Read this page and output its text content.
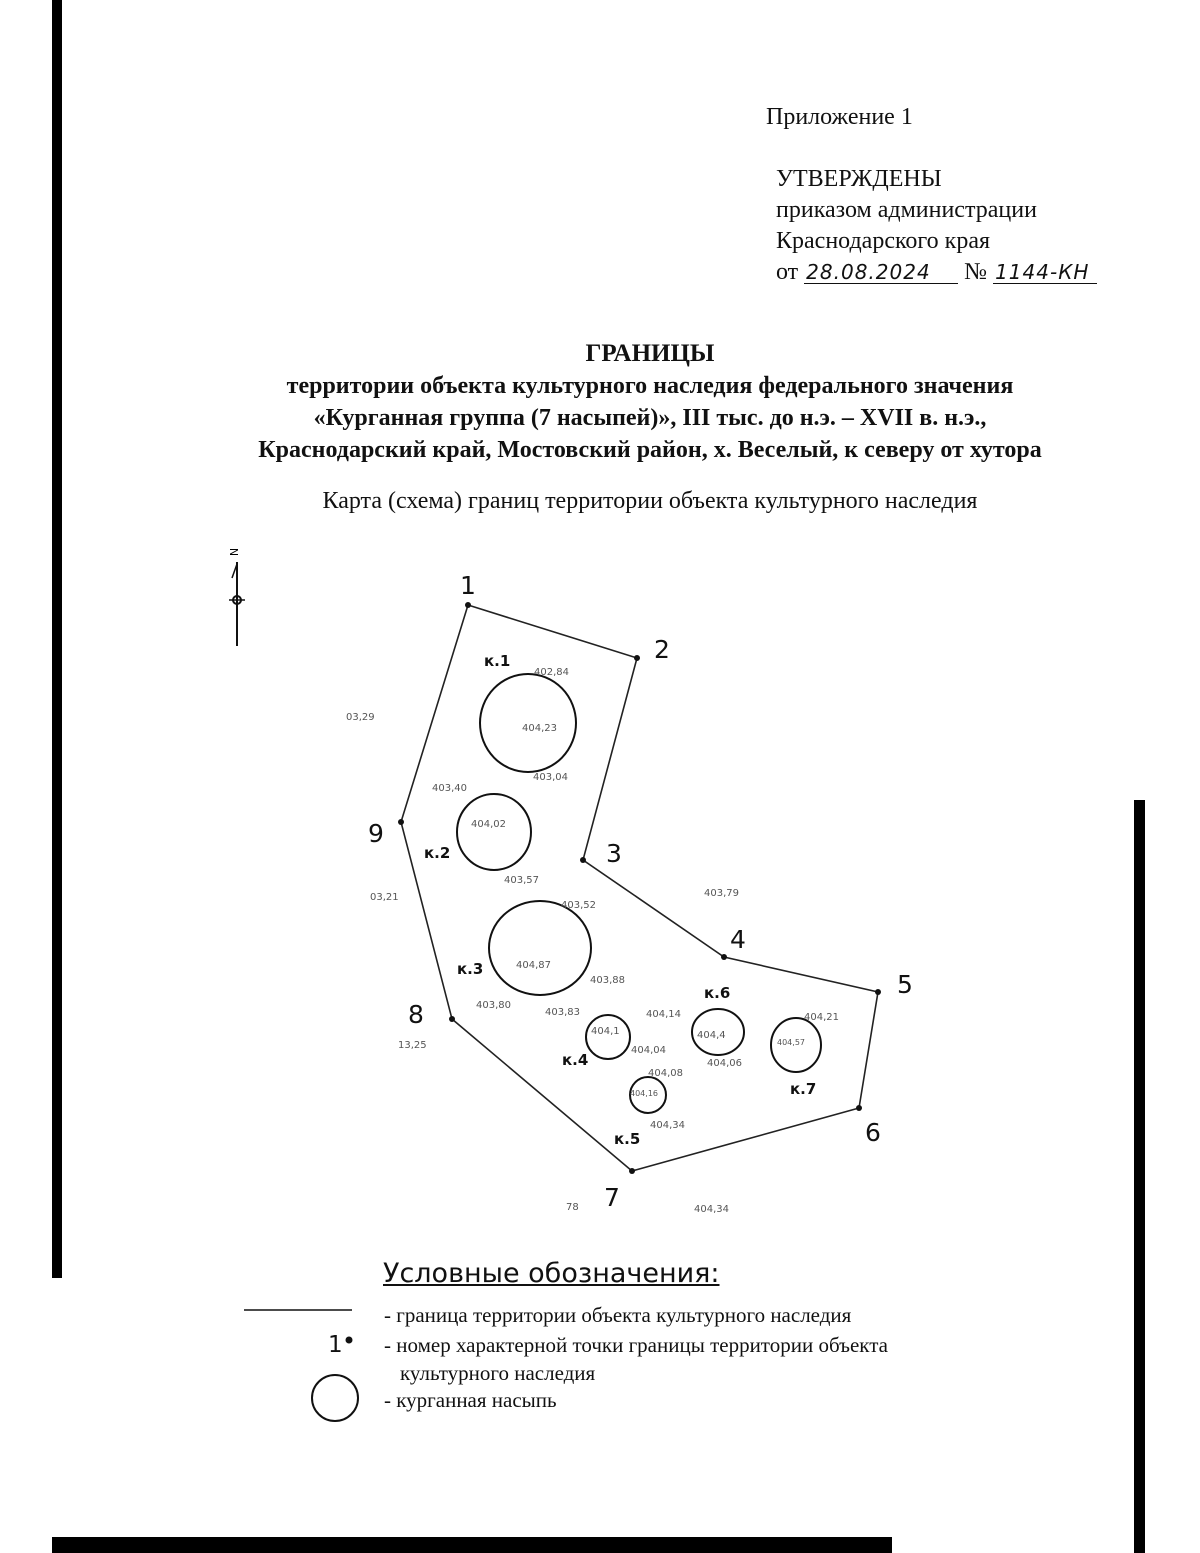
Приложение 1
УТВЕРЖДЕНЫ
приказом администрации
Краснодарского края
от 28.08.2024 № 1144-КН
ГРАНИЦЫ
территории объекта культурного наследия федерального значения
«Курганная группа (7 насыпей)», III тыс. до н.э. – XVII в. н.э.,
Краснодарский край, Мостовский район, х. Веселый, к северу от хутора
Карта (схема) границ территории объекта культурного наследия
N
1
2
3
4
5
6
7
8
9
к.1
к.2
к.3
к.4
к.5
к.6
к.7
402,84
404,23
403,04
403,40
404,02
403,57
403,52
404,87
403,88
403,80
403,83
404,1
404,04
404,14
404,4
404,08
404,06
404,16
404,34
404,21
404,57
403,79
404,34
03,29
03,21
13,25
78
1
Условные обозначения:
- граница территории объекта культурного наследия
- номер характерной точки границы территории объекта
культурного наследия
- курганная насыпь
